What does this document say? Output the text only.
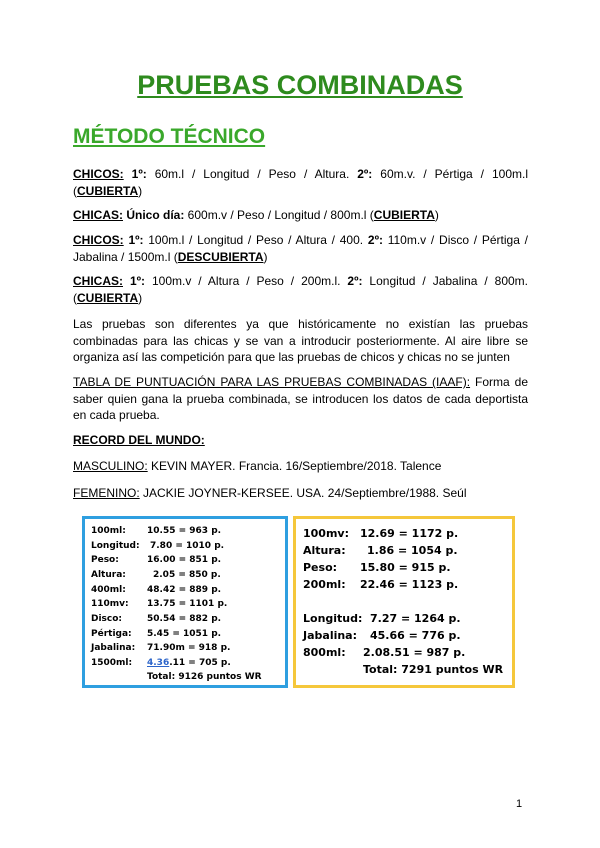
PRUEBAS COMBINADAS
MÉTODO TÉCNICO
CHICOS: 1º: 60m.l / Longitud / Peso / Altura. 2º: 60m.v. / Pértiga / 100m.l (CUBIERTA)
CHICAS: Único día: 600m.v / Peso / Longitud / 800m.l (CUBIERTA)
CHICOS: 1º: 100m.l / Longitud / Peso / Altura / 400. 2º: 110m.v / Disco / Pértiga / Jabalina / 1500m.l (DESCUBIERTA)
CHICAS: 1º: 100m.v / Altura / Peso / 200m.l. 2º: Longitud / Jabalina / 800m. (CUBIERTA)
Las pruebas son diferentes ya que históricamente no existían las pruebas combinadas para las chicas y se van a introducir posteriormente. Al aire libre se organiza así las competición para que las pruebas de chicos y chicas no se junten
TABLA DE PUNTUACIÓN PARA LAS PRUEBAS COMBINADAS (IAAF): Forma de saber quien gana la prueba combinada, se introducen los datos de cada deportista en cada prueba.
RECORD DEL MUNDO:
MASCULINO: KEVIN MAYER. Francia. 16/Septiembre/2018. Talence
FEMENINO: JACKIE JOYNER-KERSEE. USA. 24/Septiembre/1988. Seúl
100ml: 10.55 = 963 p.
Longitud: 7.80 = 1010 p.
Peso:	16.00 = 851 p.
Altura:	2.05 = 850 p.
400ml: 48.42 = 889 p.
110mv: 13.75 = 1101 p.
Disco:	50.54 = 882 p.
Pértiga: 5.45 = 1051 p.
Jabalina: 71.90m = 918 p.
1500ml: 4.36.11 = 705 p.
Total: 9126 puntos WR
100mv: 12.69 = 1172 p.
Altura: 1.86 = 1054 p.
Peso: 15.80 = 915 p.
200ml: 22.46 = 1123 p.
Longitud: 7.27 = 1264 p.
Jabalina: 45.66 = 776 p.
800ml: 2.08.51 = 987 p.
Total: 7291 puntos WR
1
